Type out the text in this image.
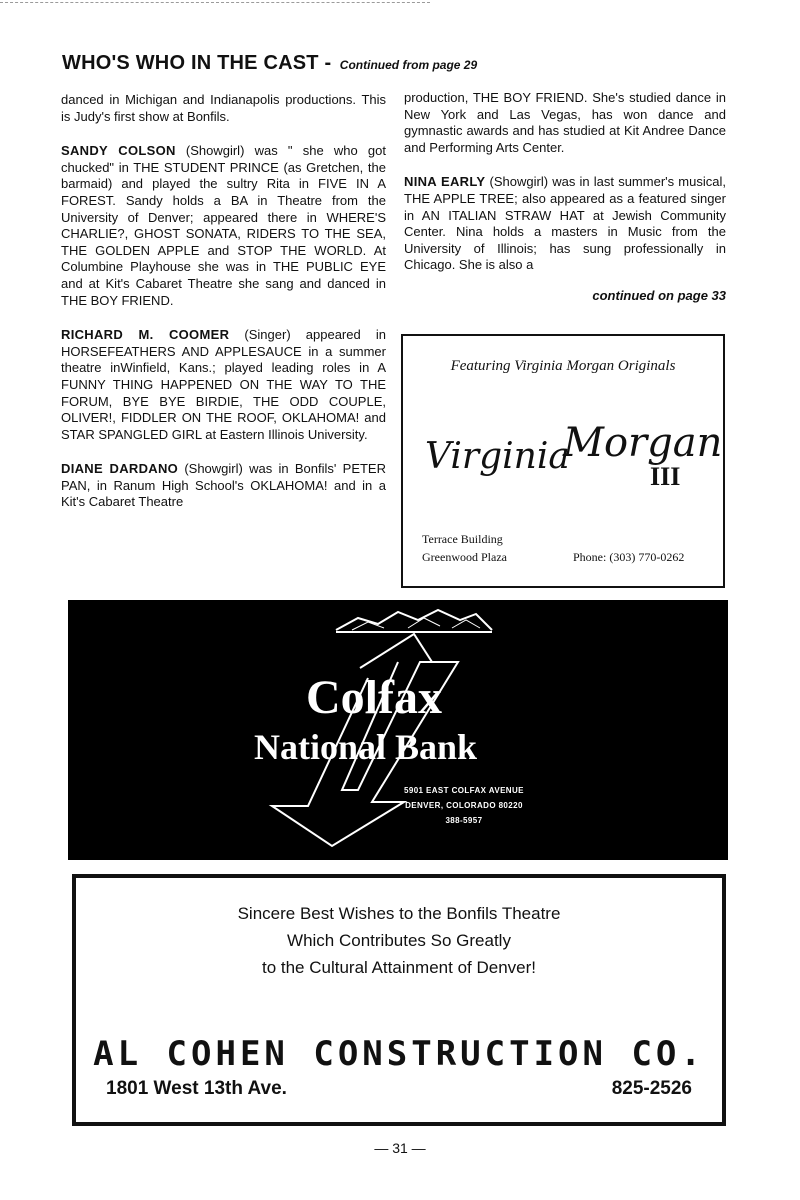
WHO'S WHO IN THE CAST - Continued from page 29

danced in Michigan and Indianapolis productions. This is Judy's first show at Bonfils.

SANDY COLSON (Showgirl) was " she who got chucked" in THE STUDENT PRINCE (as Gretchen, the barmaid) and played the sultry Rita in FIVE IN A FOREST. Sandy holds a BA in Theatre from the University of Denver; appeared there in WHERE'S CHARLIE?, GHOST SONATA, RIDERS TO THE SEA, THE GOLDEN APPLE and STOP THE WORLD. At Columbine Playhouse she was in THE PUBLIC EYE and at Kit's Cabaret Theatre she sang and danced in THE BOY FRIEND.

RICHARD M. COOMER (Singer) appeared in HORSEFEATHERS AND APPLESAUCE in a summer theatre inWinfield, Kans.; played leading roles in A FUNNY THING HAPPENED ON THE WAY TO THE FORUM, BYE BYE BIRDIE, THE ODD COUPLE, OLIVER!, FIDDLER ON THE ROOF, OKLAHOMA! and STAR SPANGLED GIRL at Eastern Illinois University.

DIANE DARDANO (Showgirl) was in Bonfils' PETER PAN, in Ranum High School's OKLAHOMA! and in a Kit's Cabaret Theatre

production, THE BOY FRIEND. She's studied dance in New York and Las Vegas, has won dance and gymnastic awards and has studied at Kit Andree Dance and Performing Arts Center.

NINA EARLY (Showgirl) was in last summer's musical, THE APPLE TREE; also appeared as a featured singer in AN ITALIAN STRAW HAT at Jewish Community Center. Nina holds a masters in Music from the University of Illinois; has sung professionally in Chicago. She is also a

continued on page 33
Featuring Virginia Morgan Originals
Virginia
Morgan
III
Terrace Building
Greenwood Plaza	Phone: (303) 770-0262
Colfax
National Bank
5901 EAST COLFAX AVENUE
DENVER, COLORADO 80220
388-5957
Sincere Best Wishes to the Bonfils Theatre
Which Contributes So Greatly
to the Cultural Attainment of Denver!
AL COHEN CONSTRUCTION CO.
1801 West 13th Ave.	825-2526
— 31 —
